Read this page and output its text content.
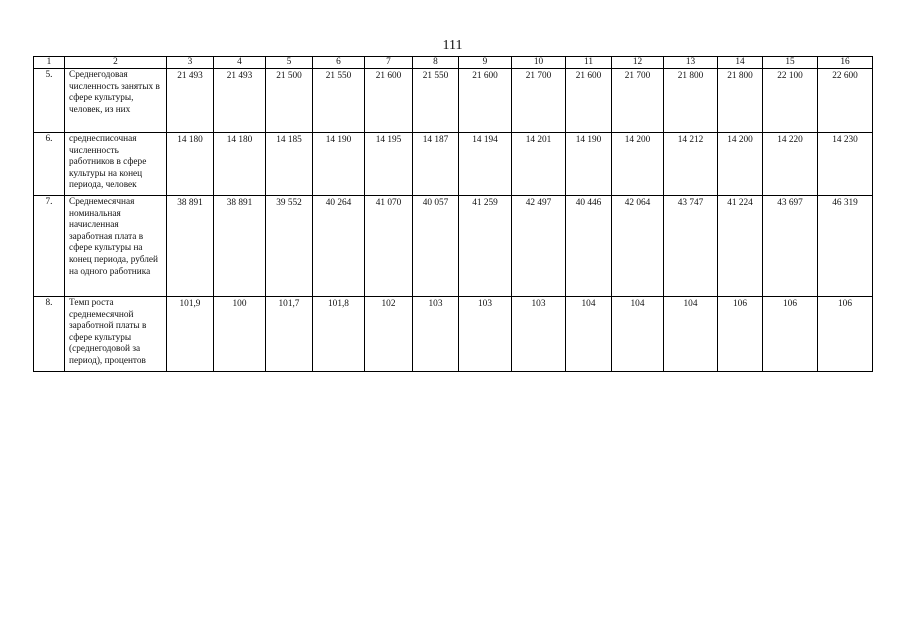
111
1	2	3	4	5	6	7	8	9	10	11	12	13	14	15	16
5.	Среднегодовая численность занятых в сфере культуры, человек, из них	21 493	21 493	21 500	21 550	21 600	21 550	21 600	21 700	21 600	21 700	21 800	21 800	22 100	22 600
6.	среднесписочная численность работников в сфере культуры на конец периода, человек	14 180	14 180	14 185	14 190	14 195	14 187	14 194	14 201	14 190	14 200	14 212	14 200	14 220	14 230
7.	Среднемесячная номинальная начисленная заработная плата в сфере культуры на конец периода, рублей на одного работника	38 891	38 891	39 552	40 264	41 070	40 057	41 259	42 497	40 446	42 064	43 747	41 224	43 697	46 319
8.	Темп роста среднемесячной заработной платы в сфере культуры (среднегодовой за период), процентов	101,9	100	101,7	101,8	102	103	103	103	104	104	104	106	106	106
